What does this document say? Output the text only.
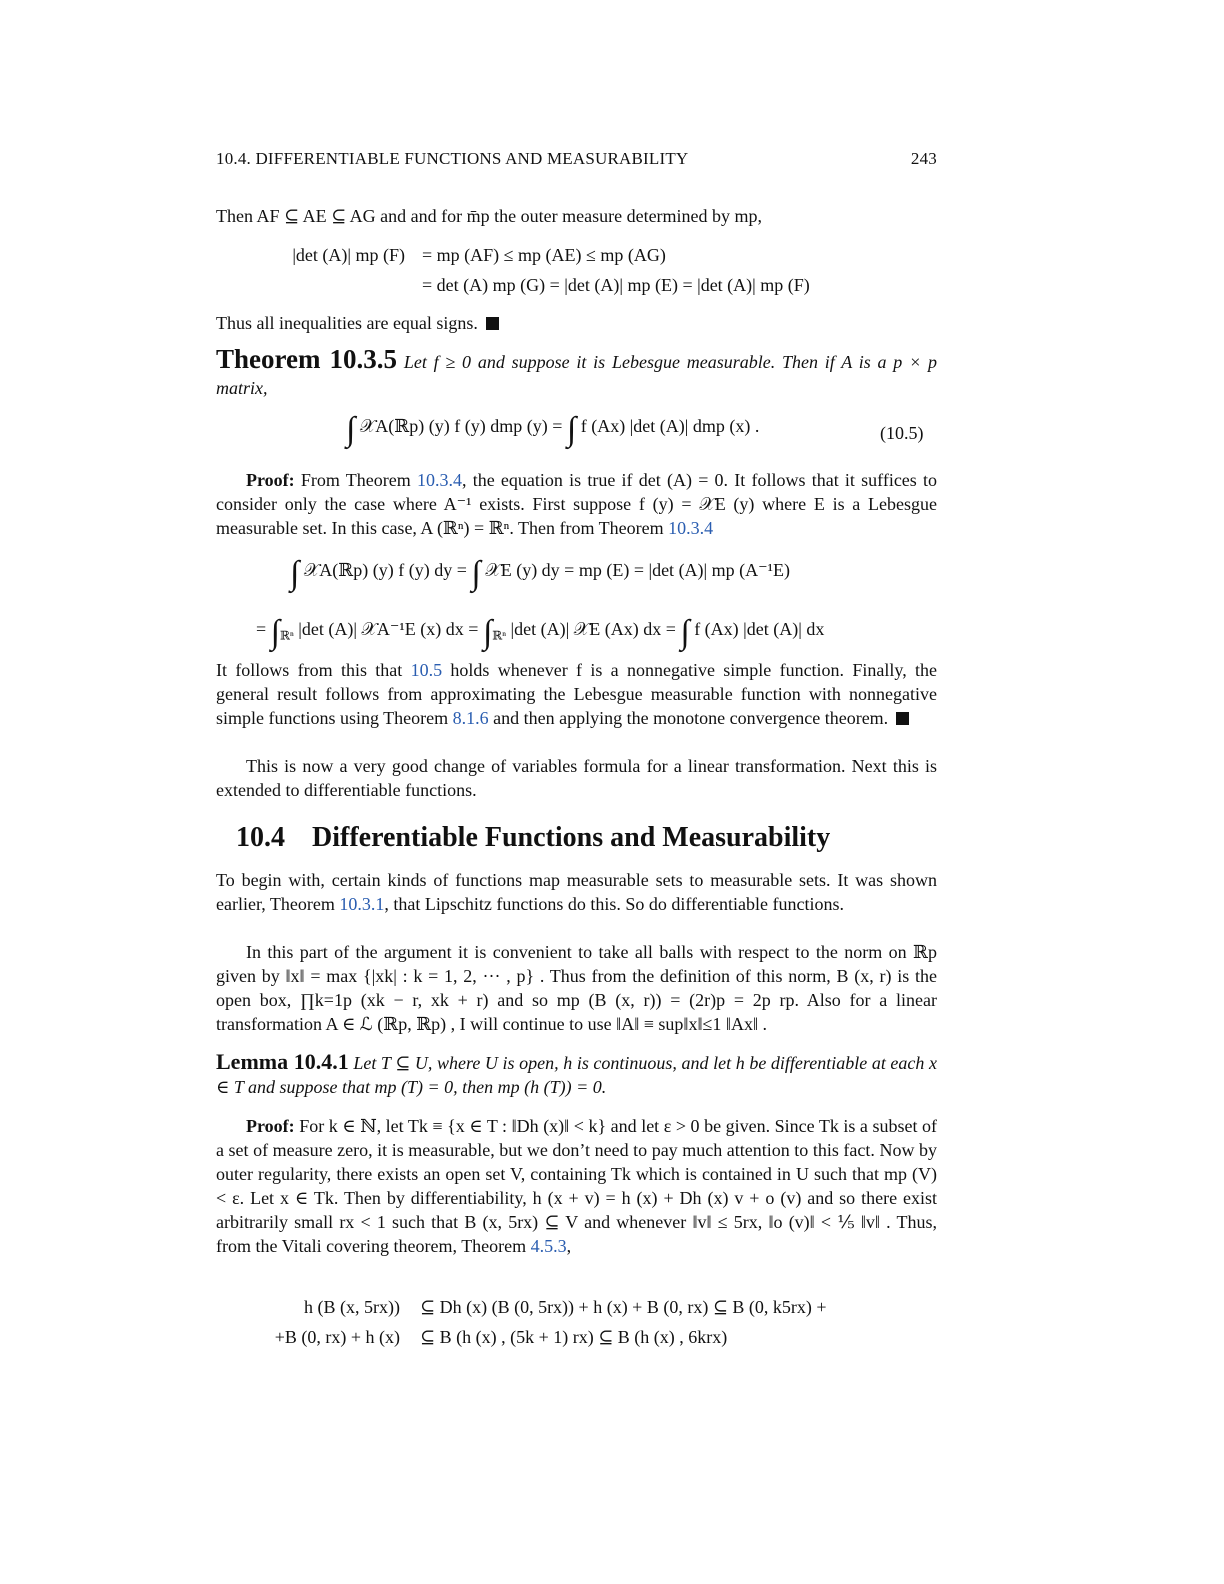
10.4. DIFFERENTIABLE FUNCTIONS AND MEASURABILITY	243

Then AF ⊆ AE ⊆ AG and and for m̄p the outer measure determined by mp,

|det (A)| mp (F) = mp (AF) ≤ mp (AE) ≤ mp (AG)
= det (A) mp (G) = |det (A)| mp (E) = |det (A)| mp (F)

Thus all inequalities are equal signs.

Theorem 10.3.5 Let f ≥ 0 and suppose it is Lebesgue measurable. Then if A is a p × p matrix,

∫ 𝒳A(ℝp) (y) f (y) dmp (y) = ∫ f (Ax) |det (A)| dmp (x) .	(10.5)

Proof: From Theorem 10.3.4, the equation is true if det (A) = 0. It follows that it suffices to consider only the case where A⁻¹ exists. First suppose f (y) = 𝒳E (y) where E is a Lebesgue measurable set. In this case, A (ℝⁿ) = ℝⁿ. Then from Theorem 10.3.4

∫ 𝒳A(ℝp) (y) f (y) dy = ∫ 𝒳E (y) dy = mp (E) = |det (A)| mp (A⁻¹E)
= $\int_{ℝ^n}$ |det (A)| 𝒳A⁻¹E (x) dx = $\int_{ℝ^n}$ |det (A)| 𝒳E (Ax) dx = ∫ f (Ax) |det (A)| dx

It follows from this that 10.5 holds whenever f is a nonnegative simple function. Finally, the general result follows from approximating the Lebesgue measurable function with nonnegative simple functions using Theorem 8.1.6 and then applying the monotone convergence theorem.

This is now a very good change of variables formula for a linear transformation. Next this is extended to differentiable functions.

10.4 Differentiable Functions and Measurability

To begin with, certain kinds of functions map measurable sets to measurable sets. It was shown earlier, Theorem 10.3.1, that Lipschitz functions do this. So do differentiable functions.

In this part of the argument it is convenient to take all balls with respect to the norm on ℝp given by ‖x‖ = max {|xk| : k = 1, 2, ··· , p} . Thus from the definition of this norm, B (x, r) is the open box, ∏k=1p (xk − r, xk + r) and so mp (B (x, r)) = (2r)p = 2p rp. Also for a linear transformation A ∈ ℒ (ℝp, ℝp) , I will continue to use ‖A‖ ≡ sup‖x‖≤1 ‖Ax‖ .

Lemma 10.4.1 Let T ⊆ U, where U is open, h is continuous, and let h be differentiable at each x ∈ T and suppose that mp (T) = 0, then mp (h (T)) = 0.

Proof: For k ∈ ℕ, let Tk ≡ {x ∈ T : ‖Dh (x)‖ < k} and let ε > 0 be given. Since Tk is a subset of a set of measure zero, it is measurable, but we don’t need to pay much attention to this fact. Now by outer regularity, there exists an open set V, containing Tk which is contained in U such that mp (V) < ε. Let x ∈ Tk. Then by differentiability, h (x + v) = h (x) + Dh (x) v + o (v) and so there exist arbitrarily small rx < 1 such that B (x, 5rx) ⊆ V and whenever ‖v‖ ≤ 5rx, ‖o (v)‖ < ⅕ ‖v‖ . Thus, from the Vitali covering theorem, Theorem 4.5.3,

h (B (x, 5rx)) ⊆ Dh (x) (B (0, 5rx)) + h (x) + B (0, rx) ⊆ B (0, k5rx) +
+B (0, rx) + h (x) ⊆ B (h (x) , (5k + 1) rx) ⊆ B (h (x) , 6krx)
